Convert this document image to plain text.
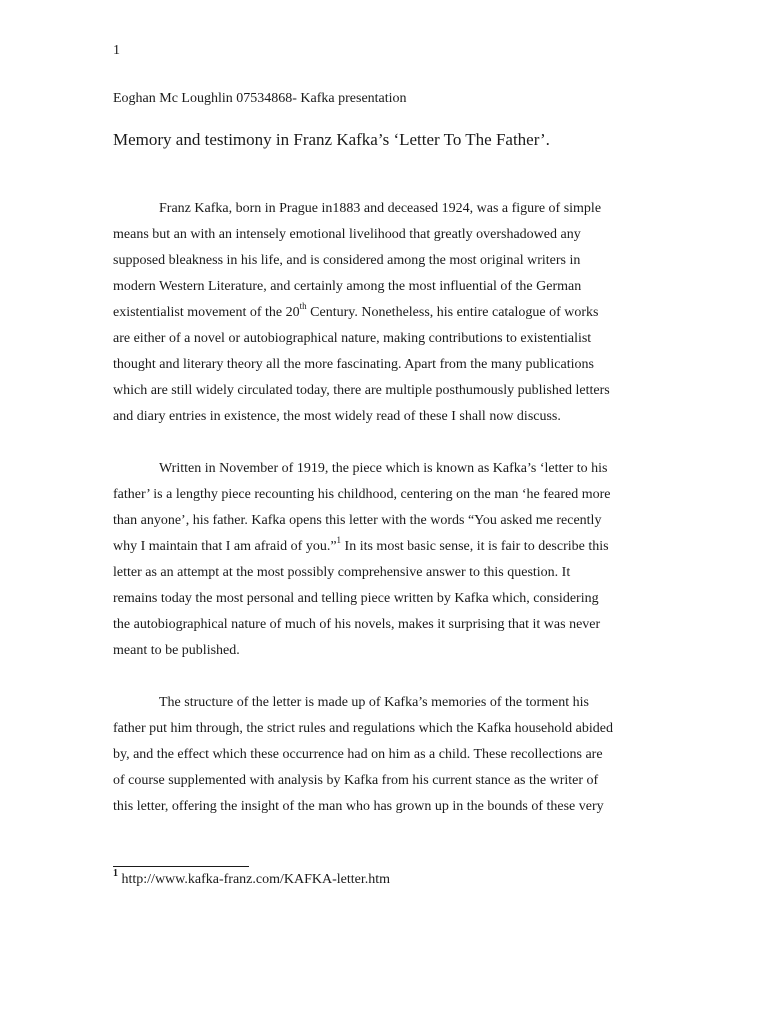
1
Eoghan Mc Loughlin 07534868- Kafka presentation
Memory and testimony in Franz Kafka’s ‘Letter To The Father’.
Franz Kafka, born in Prague in1883 and deceased 1924, was a figure of simple
means but an with an intensely emotional livelihood that greatly overshadowed any
supposed bleakness in his life, and is considered among the most original writers in
modern Western Literature, and certainly among the most influential of the German
existentialist movement of the 20th Century. Nonetheless, his entire catalogue of works
are either of a novel or autobiographical nature, making contributions to existentialist
thought and literary theory all the more fascinating. Apart from the many publications
which are still widely circulated today, there are multiple posthumously published letters
and diary entries in existence, the most widely read of these I shall now discuss.
Written in November of 1919, the piece which is known as Kafka’s ‘letter to his
father’ is a lengthy piece recounting his childhood, centering on the man ‘he feared more
than anyone’, his father. Kafka opens this letter with the words “You asked me recently
why I maintain that I am afraid of you.”$^1$ In its most basic sense, it is fair to describe this
letter as an attempt at the most possibly comprehensive answer to this question. It
remains today the most personal and telling piece written by Kafka which, considering
the autobiographical nature of much of his novels, makes it surprising that it was never
meant to be published.
The structure of the letter is made up of Kafka’s memories of the torment his
father put him through, the strict rules and regulations which the Kafka household abided
by, and the effect which these occurrence had on him as a child. These recollections are
of course supplemented with analysis by Kafka from his current stance as the writer of
this letter, offering the insight of the man who has grown up in the bounds of these very
$^1$ http://www.kafka-franz.com/KAFKA-letter.htm
